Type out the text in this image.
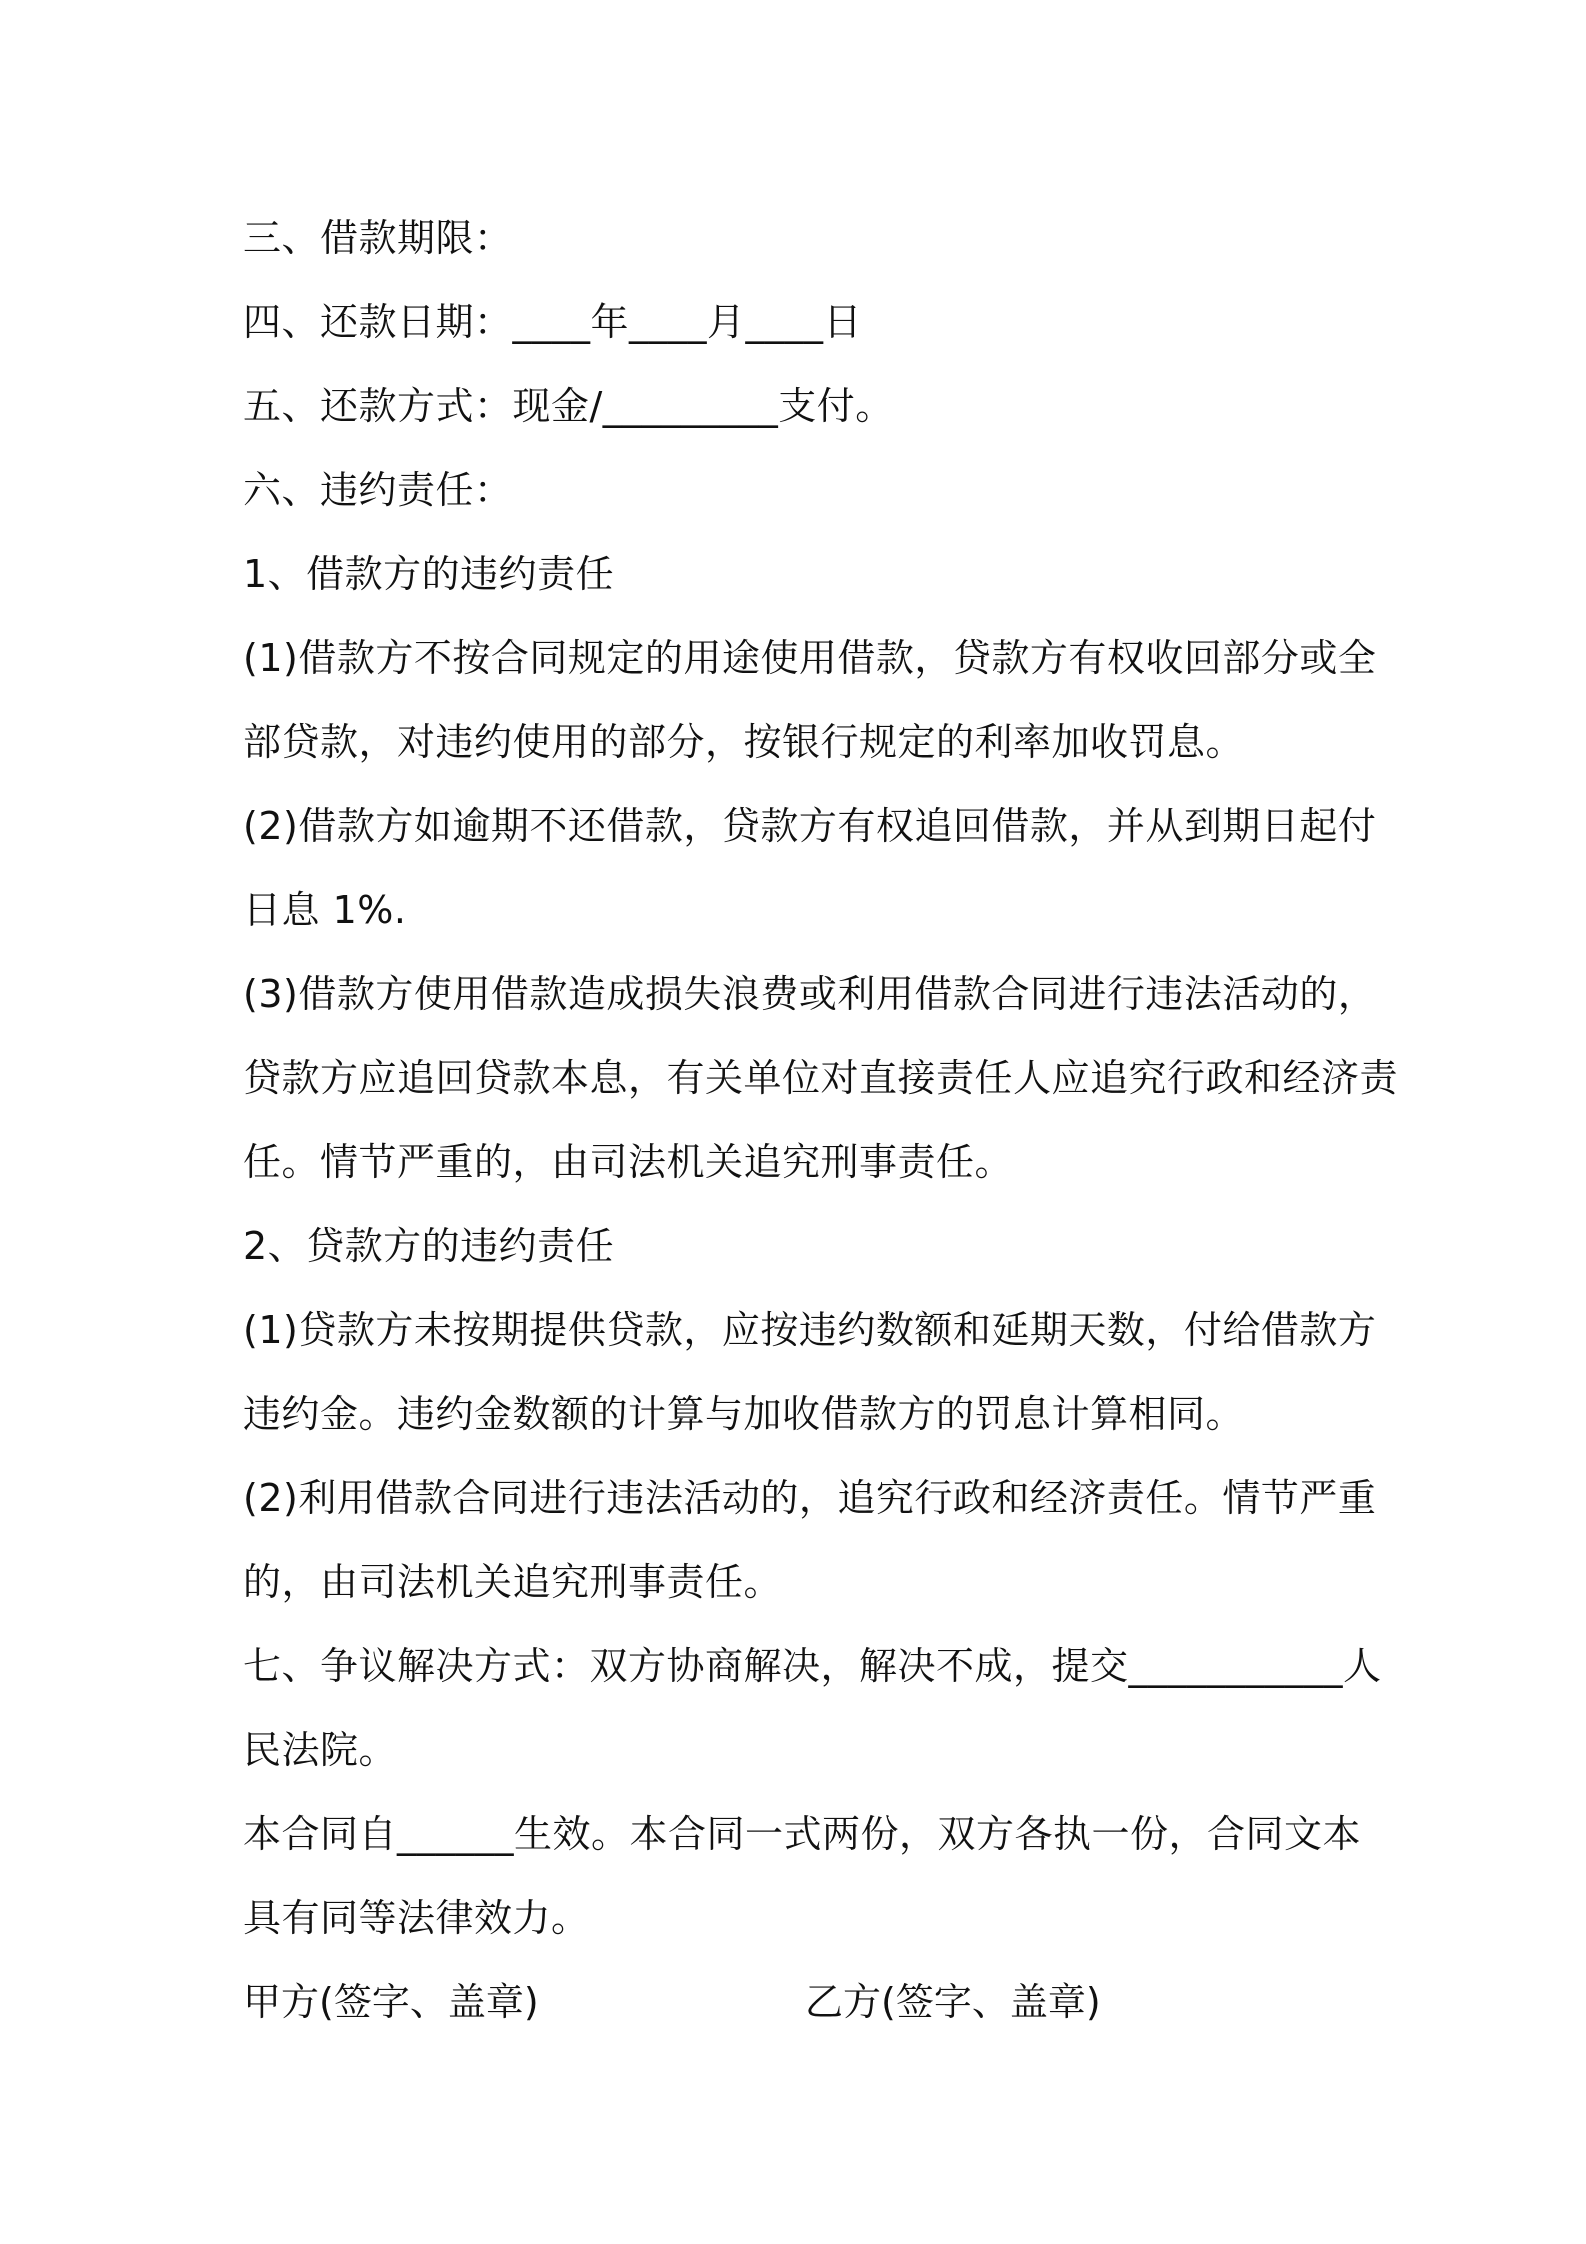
三、借款期限：
四、还款日期：____年____月____日
五、还款方式：现金/_________支付。
六、违约责任：
1、借款方的违约责任
(1)借款方不按合同规定的用途使用借款，贷款方有权收回部分或全
部贷款，对违约使用的部分，按银行规定的利率加收罚息。
(2)借款方如逾期不还借款，贷款方有权追回借款，并从到期日起付
日息 1%.
(3)借款方使用借款造成损失浪费或利用借款合同进行违法活动的，
贷款方应追回贷款本息，有关单位对直接责任人应追究行政和经济责
任。情节严重的，由司法机关追究刑事责任。
2、贷款方的违约责任
(1)贷款方未按期提供贷款，应按违约数额和延期天数，付给借款方
违约金。违约金数额的计算与加收借款方的罚息计算相同。
(2)利用借款合同进行违法活动的，追究行政和经济责任。情节严重
的，由司法机关追究刑事责任。
七、争议解决方式：双方协商解决，解决不成，提交___________人
民法院。
本合同自______生效。本合同一式两份，双方各执一份，合同文本
具有同等法律效力。
甲方(签字、盖章)	乙方(签字、盖章)
